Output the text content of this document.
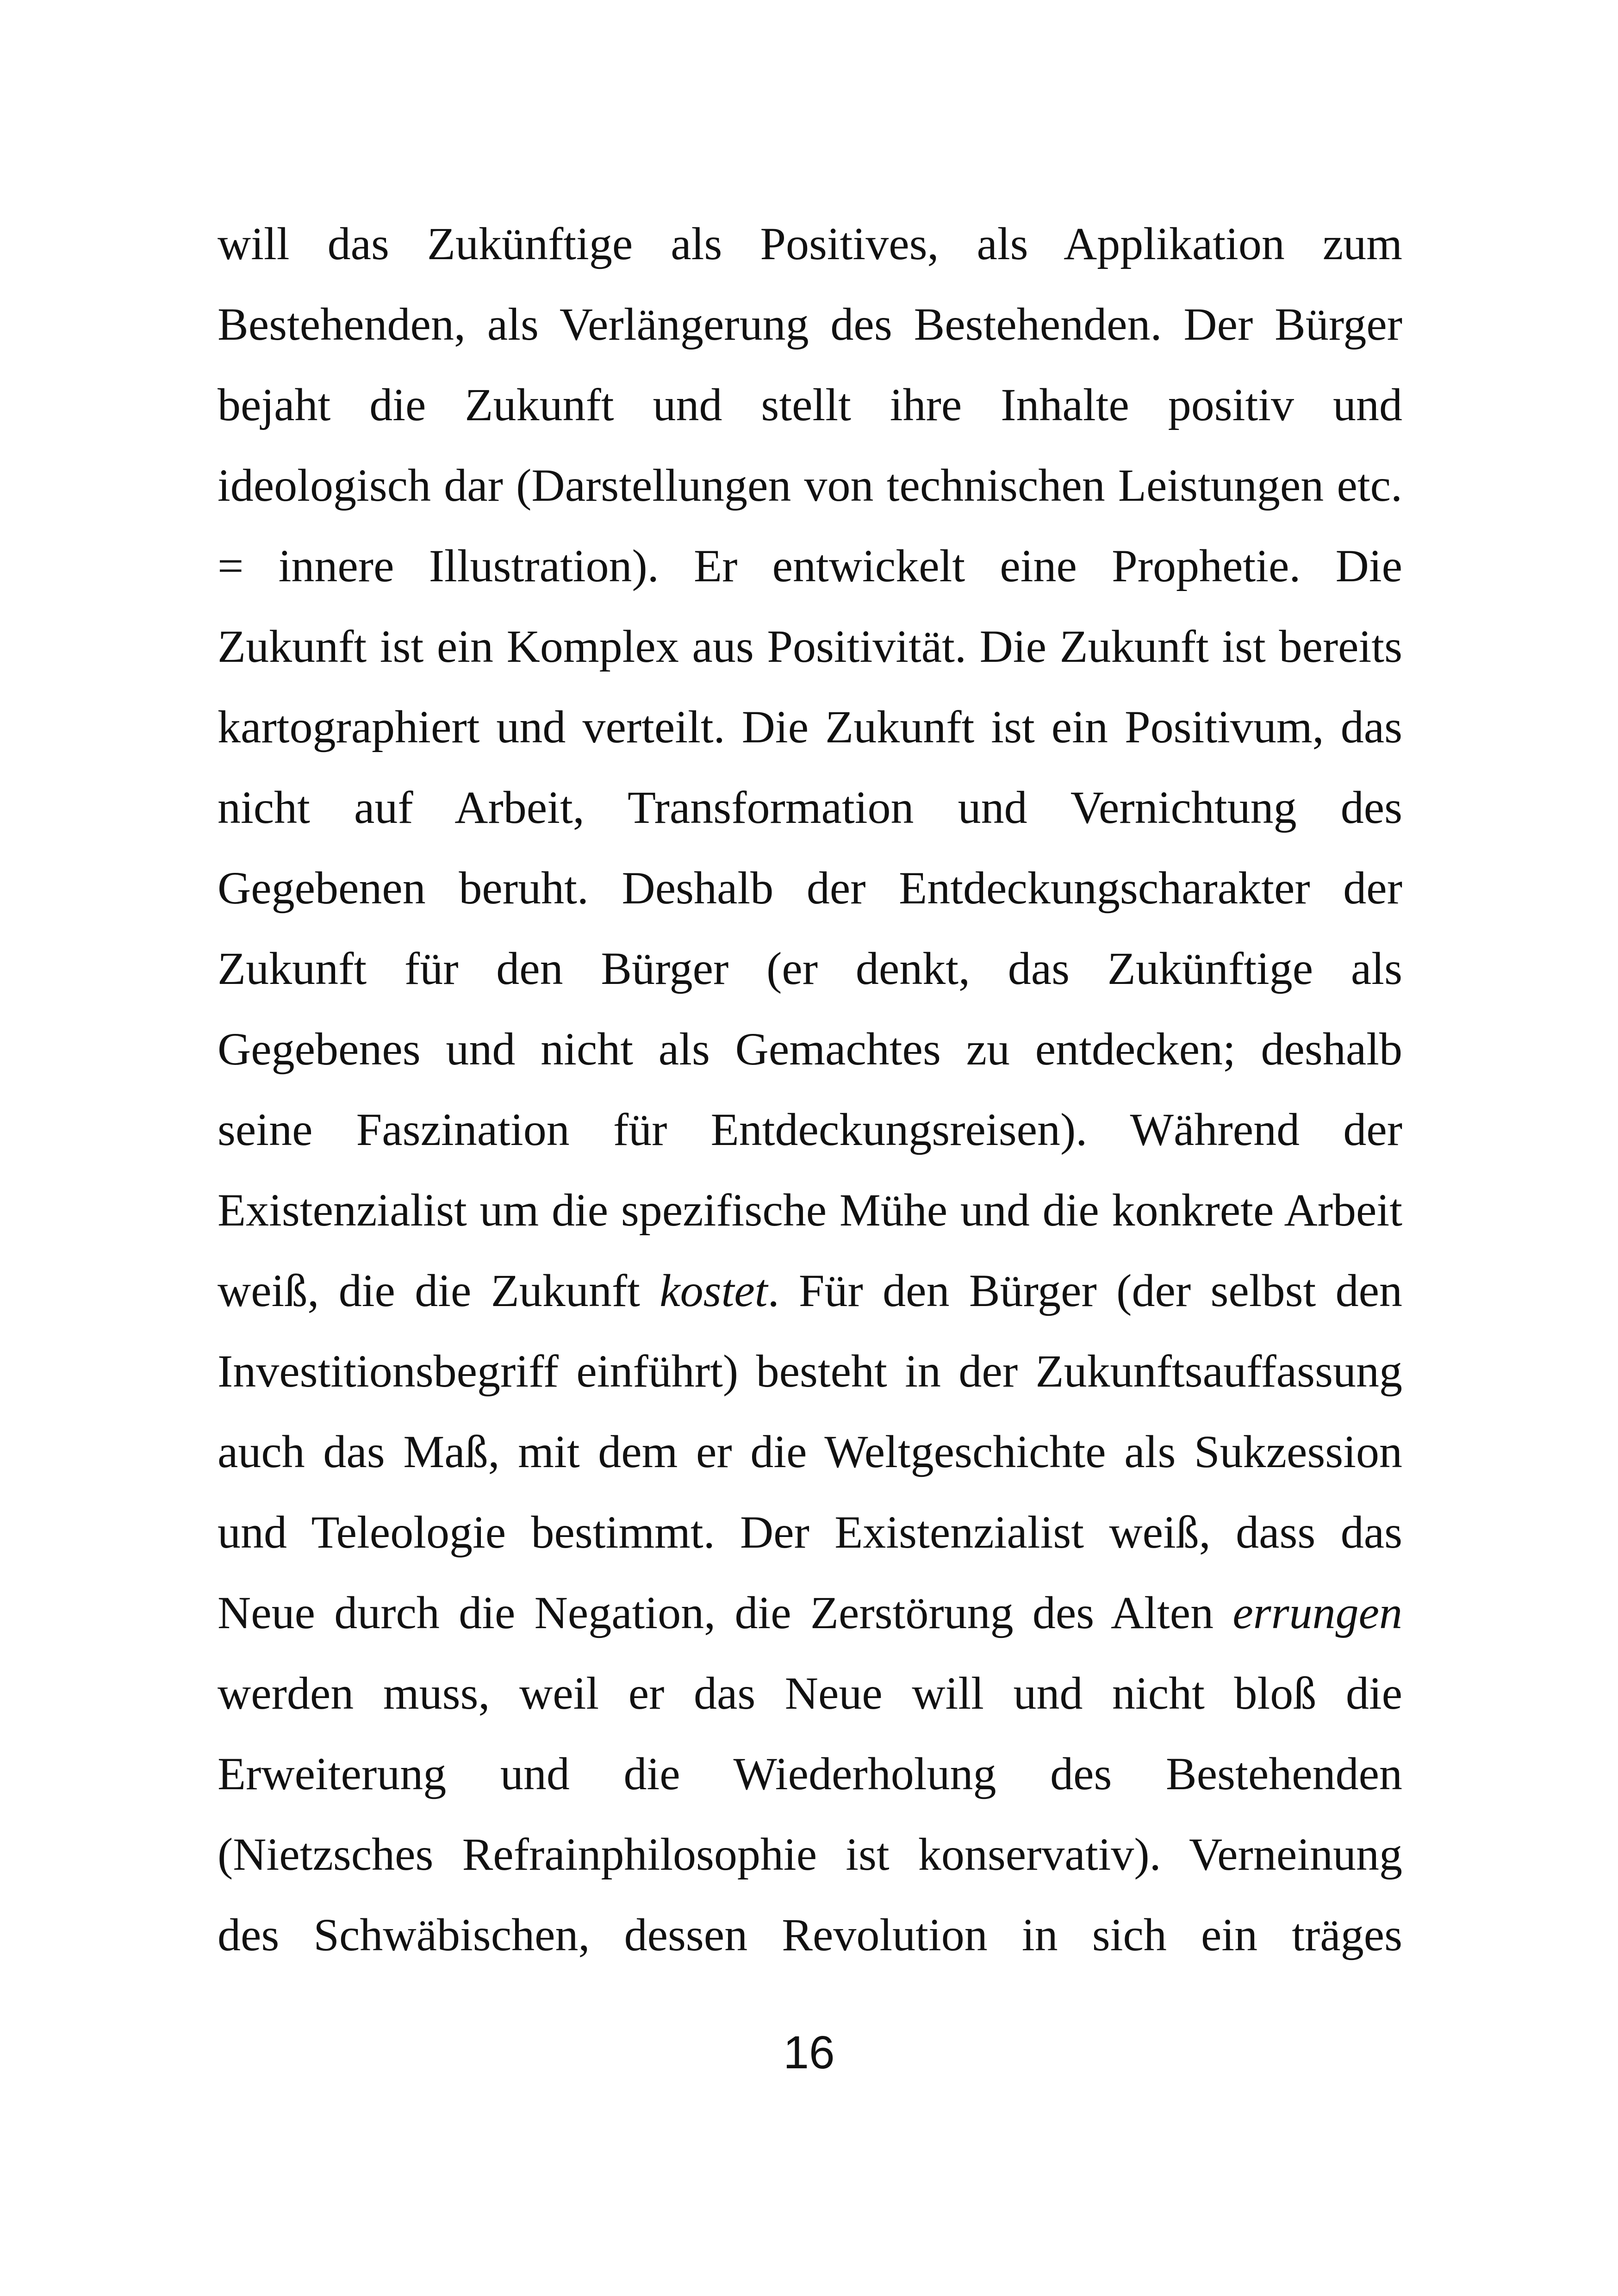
will das Zukünftige als Positives, als Applikation zum
Bestehenden, als Verlängerung des Bestehenden. Der Bürger
bejaht die Zukunft und stellt ihre Inhalte positiv und
ideologisch dar (Darstellungen von technischen Leistungen etc.
= innere Illustration). Er entwickelt eine Prophetie. Die
Zukunft ist ein Komplex aus Positivität. Die Zukunft ist bereits
kartographiert und verteilt. Die Zukunft ist ein Positivum, das
nicht auf Arbeit, Transformation und Vernichtung des
Gegebenen beruht. Deshalb der Entdeckungscharakter der
Zukunft für den Bürger (er denkt, das Zukünftige als
Gegebenes und nicht als Gemachtes zu entdecken; deshalb
seine Faszination für Entdeckungsreisen). Während der
Existenzialist um die spezifische Mühe und die konkrete Arbeit
weiß, die die Zukunft kostet. Für den Bürger (der selbst den
Investitionsbegriff einführt) besteht in der Zukunftsauffassung
auch das Maß, mit dem er die Weltgeschichte als Sukzession
und Teleologie bestimmt. Der Existenzialist weiß, dass das
Neue durch die Negation, die Zerstörung des Alten errungen
werden muss, weil er das Neue will und nicht bloß die
Erweiterung und die Wiederholung des Bestehenden
(Nietzsches Refrainphilosophie ist konservativ). Verneinung
des Schwäbischen, dessen Revolution in sich ein träges
16
